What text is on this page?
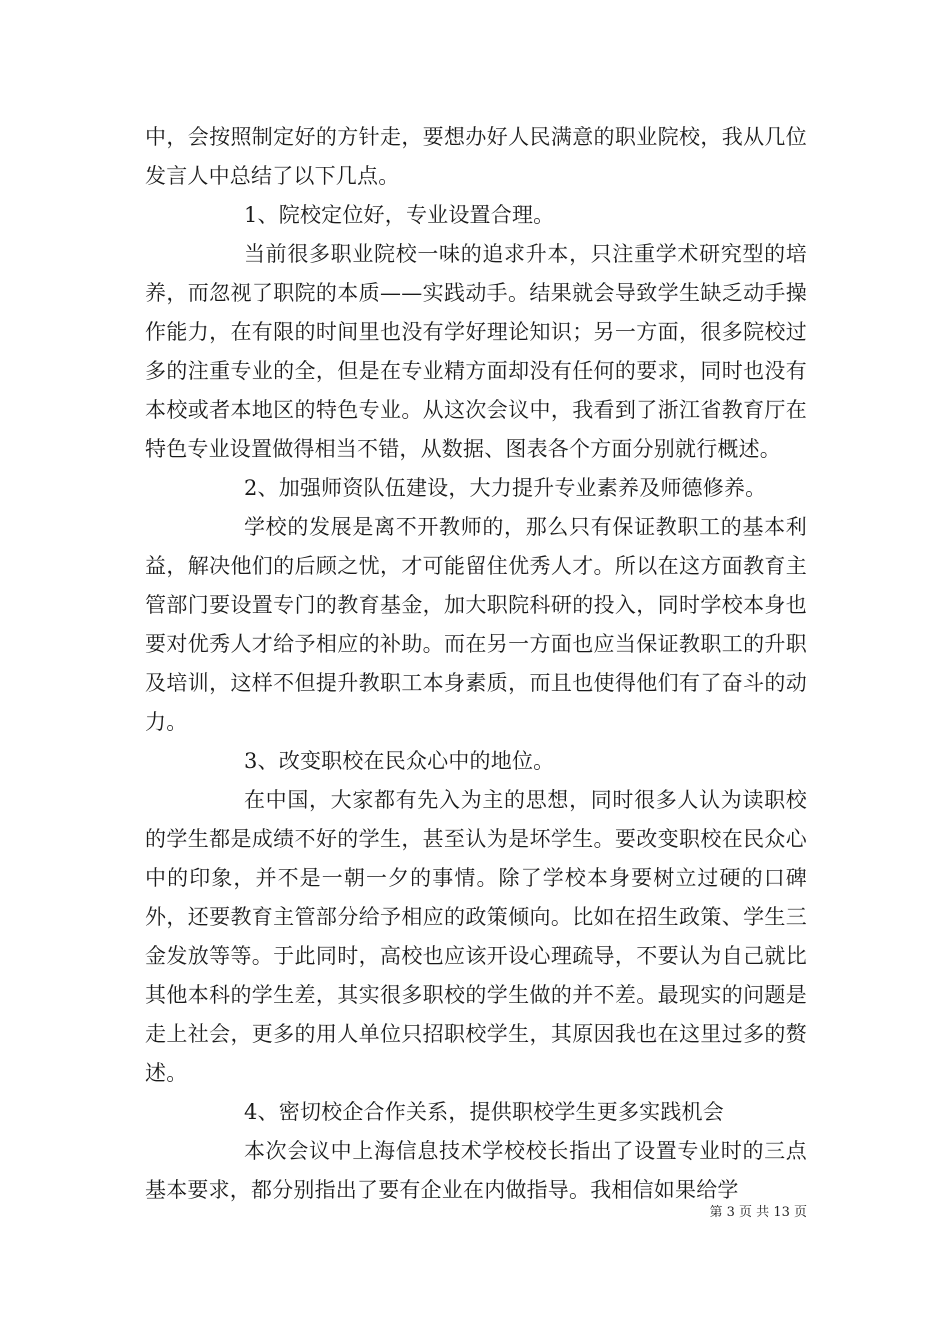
中，会按照制定好的方针走，要想办好人民满意的职业院校，我从几位发言人中总结了以下几点。

1、院校定位好，专业设置合理。

当前很多职业院校一味的追求升本，只注重学术研究型的培养，而忽视了职院的本质——实践动手。结果就会导致学生缺乏动手操作能力，在有限的时间里也没有学好理论知识；另一方面，很多院校过多的注重专业的全，但是在专业精方面却没有任何的要求，同时也没有本校或者本地区的特色专业。从这次会议中，我看到了浙江省教育厅在特色专业设置做得相当不错，从数据、图表各个方面分别就行概述。

2、加强师资队伍建设，大力提升专业素养及师德修养。

学校的发展是离不开教师的，那么只有保证教职工的基本利益，解决他们的后顾之忧，才可能留住优秀人才。所以在这方面教育主管部门要设置专门的教育基金，加大职院科研的投入，同时学校本身也要对优秀人才给予相应的补助。而在另一方面也应当保证教职工的升职及培训，这样不但提升教职工本身素质，而且也使得他们有了奋斗的动力。

3、改变职校在民众心中的地位。

在中国，大家都有先入为主的思想，同时很多人认为读职校的学生都是成绩不好的学生，甚至认为是坏学生。要改变职校在民众心中的印象，并不是一朝一夕的事情。除了学校本身要树立过硬的口碑外，还要教育主管部分给予相应的政策倾向。比如在招生政策、学生三金发放等等。于此同时，高校也应该开设心理疏导，不要认为自己就比其他本科的学生差，其实很多职校的学生做的并不差。最现实的问题是走上社会，更多的用人单位只招职校学生，其原因我也在这里过多的赘述。

4、密切校企合作关系，提供职校学生更多实践机会

本次会议中上海信息技术学校校长指出了设置专业时的三点基本要求，都分别指出了要有企业在内做指导。我相信如果给学

第 3 页 共 13 页
